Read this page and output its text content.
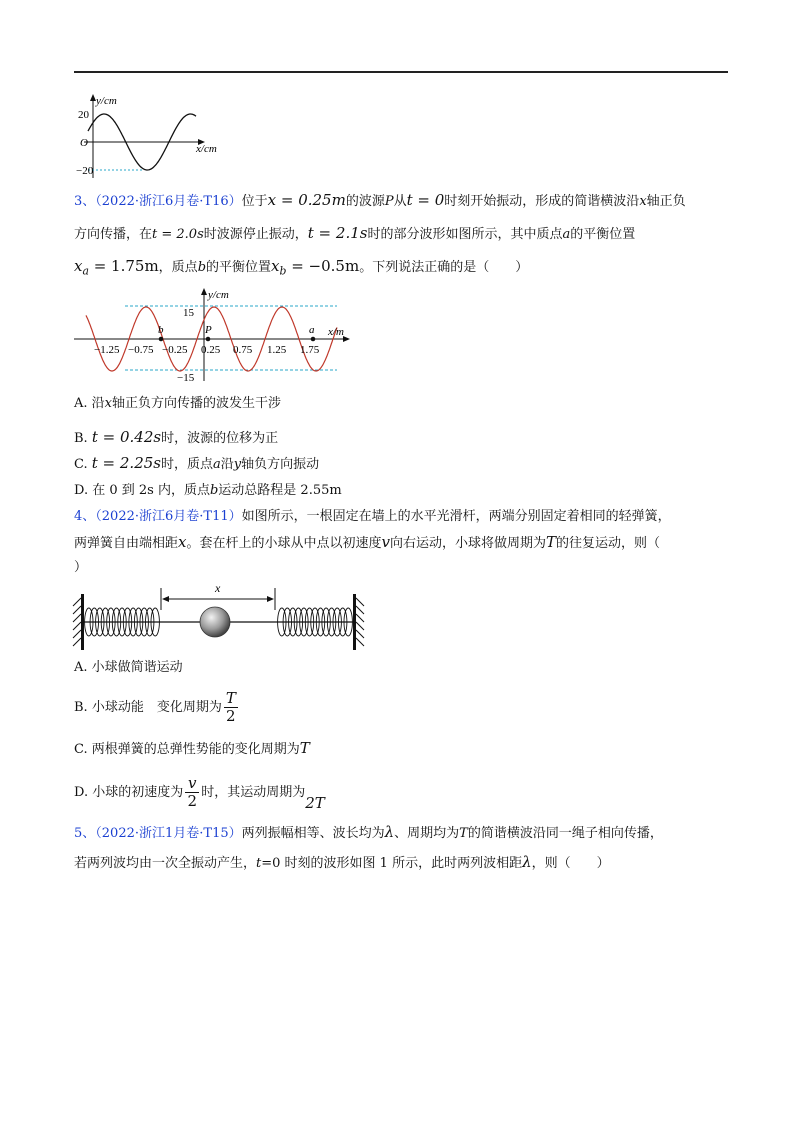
y/cm
20
O
−20
x/cm
3、（2022·浙江6月卷·T16）位于x = 0.25m的波源P从t = 0时刻开始振动，形成的简谐横波沿x轴正负
方向传播，在t = 2.0s时波源停止振动，t = 2.1s时的部分波形如图所示，其中质点a的平衡位置
$x_a = 1.75m$，质点b的平衡位置$x_b = -0.5m$。下列说法正确的是（　　）
y/cm
15
−15
x/m
b	P	a
−1.25 −0.75 −0.25 0.25 0.75 1.25 1.75
A. 沿x轴正负方向传播的波发生干涉
B. t = 0.42s时，波源的位移为正
C. t = 2.25s时，质点a沿y轴负方向振动
D. 在 0 到 2s 内，质点b运动总路程是 2.55m
4、（2022·浙江6月卷·T11）如图所示，一根固定在墙上的水平光滑杆，两端分别固定着相同的轻弹簧，
两弹簧自由端相距x。套在杆上的小球从中点以初速度v向右运动，小球将做周期为T的往复运动，则（
）
x
A. 小球做简谐运动
B. 小球动能　变化周期为 $\frac{T}{2}$
C. 两根弹簧的总弹性势能的变化周期为T
D. 小球的初速度为 $\frac{v}{2}$ 时，其运动周期为2T
5、（2022·浙江1月卷·T15）两列振幅相等、波长均为λ、周期均为T的简谐横波沿同一绳子相向传播，
若两列波均由一次全振动产生，t=0 时刻的波形如图 1 所示，此时两列波相距λ，则（　　）
